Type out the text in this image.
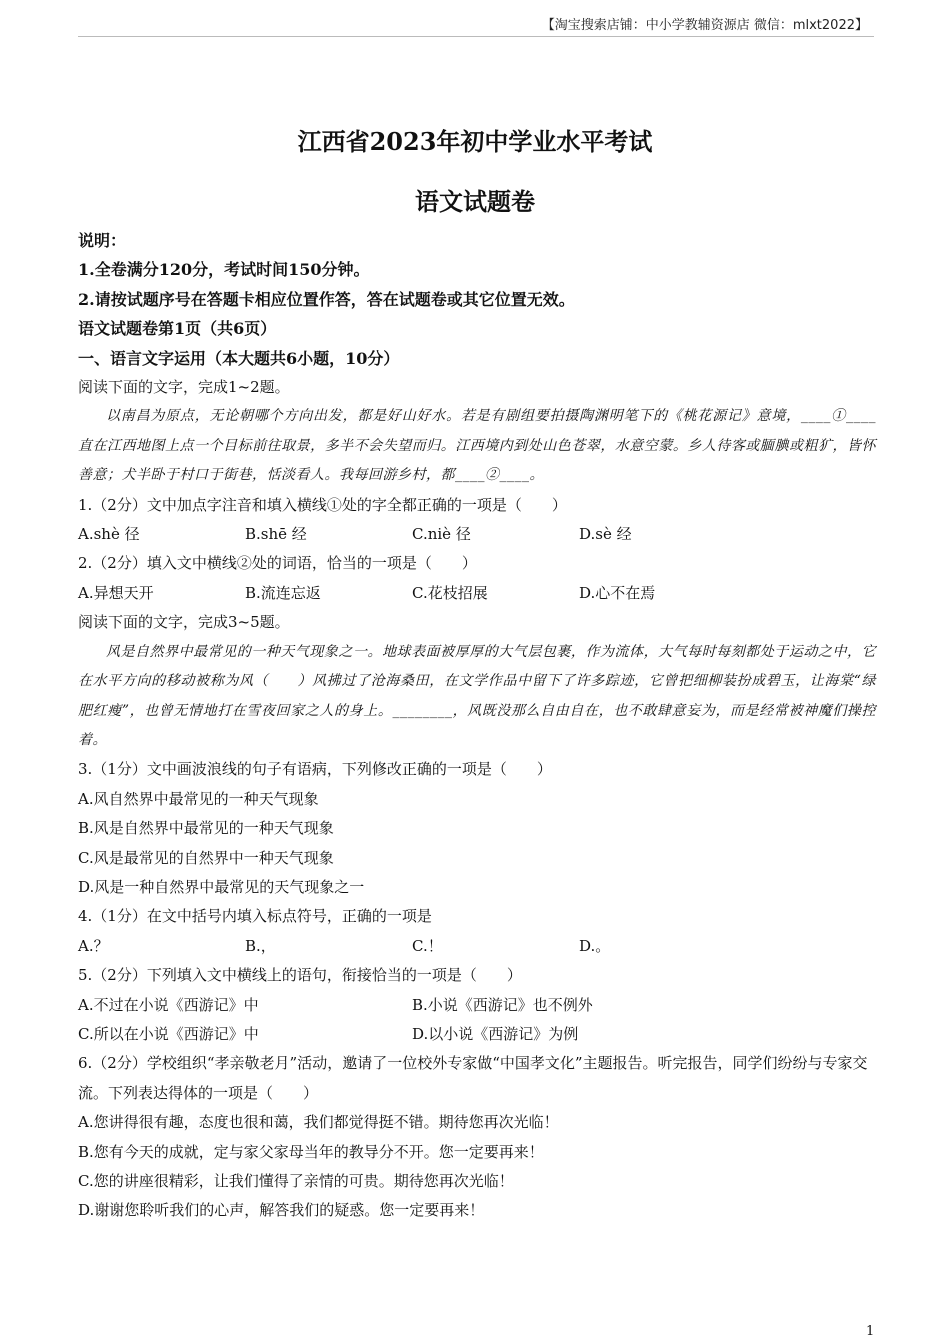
【淘宝搜索店铺：中小学教辅资源店 微信：mlxt2022】
江西省2023年初中学业水平考试
语文试题卷

说明：

1.全卷满分120分，考试时间150分钟。

2.请按试题序号在答题卡相应位置作答，答在试题卷或其它位置无效。

语文试题卷第1页（共6页）

一、语言文字运用（本大题共6小题，10分）

阅读下面的文字，完成1~2题。

以南昌为原点，无论朝哪个方向出发，都是好山好水。若是有剧组要拍摄陶渊明笔下的《桃花源记》意境，____①____直在江西地图上点一个目标前往取景，多半不会失望而归。江西境内到处山色苍翠，水意空蒙。乡人待客或腼腆或粗犷，皆怀善意；犬半卧于村口于街巷，恬淡看人。我每回游乡村，都____②____。

1.（2分）文中加点字注音和填入横线①处的字全都正确的一项是（　　）

A.shè 径	B.shē 经	C.niè 径	D.sè 经

2.（2分）填入文中横线②处的词语，恰当的一项是（　　）

A.异想天开	B.流连忘返	C.花枝招展	D.心不在焉

阅读下面的文字，完成3~5题。

风是自然界中最常见的一种天气现象之一。地球表面被厚厚的大气层包裹，作为流体，大气每时每刻都处于运动之中，它在水平方向的移动被称为风（　　）风拂过了沧海桑田，在文学作品中留下了许多踪迹，它曾把细柳装扮成碧玉，让海棠“绿肥红瘦”，也曾无情地打在雪夜回家之人的身上。________，风既没那么自由自在，也不敢肆意妄为，而是经常被神魔们操控着。

3.（1分）文中画波浪线的句子有语病，下列修改正确的一项是（　　）

A.风自然界中最常见的一种天气现象

B.风是自然界中最常见的一种天气现象

C.风是最常见的自然界中一种天气现象

D.风是一种自然界中最常见的天气现象之一

4.（1分）在文中括号内填入标点符号，正确的一项是

A.？	B.，	C.！	D.。

5.（2分）下列填入文中横线上的语句，衔接恰当的一项是（　　）

A.不过在小说《西游记》中	B.小说《西游记》也不例外
C.所以在小说《西游记》中	D.以小说《西游记》为例

6.（2分）学校组织“孝亲敬老月”活动，邀请了一位校外专家做“中国孝文化”主题报告。听完报告，同学们纷纷与专家交流。下列表达得体的一项是（　　）

A.您讲得很有趣，态度也很和蔼，我们都觉得挺不错。期待您再次光临！

B.您有今天的成就，定与家父家母当年的教导分不开。您一定要再来！

C.您的讲座很精彩，让我们懂得了亲情的可贵。期待您再次光临！

D.谢谢您聆听我们的心声，解答我们的疑惑。您一定要再来！

1
